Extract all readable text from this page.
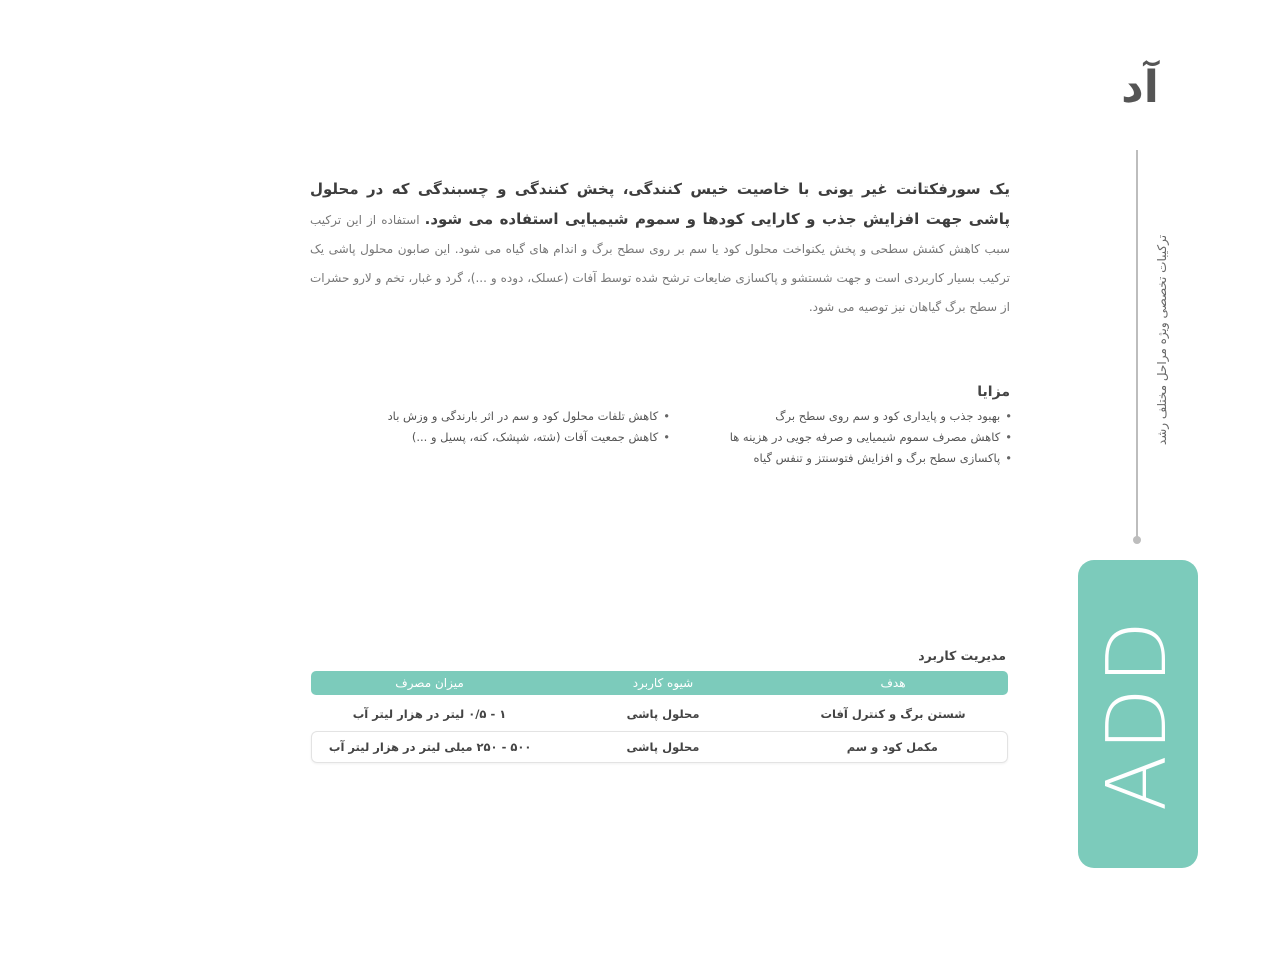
آد
ترکیبات تخصصی ویژه مراحل مختلف رشد
ADD
یک سورفکتانت غیر یونی با خاصیت خیس کنندگی، پخش کنندگی و چسبندگی که در محلول پاشی جهت افزایش جذب و کارایی کودها و سموم شیمیایی استفاده می شود. استفاده از این ترکیب سبب کاهش کشش سطحی و پخش یکنواخت محلول کود یا سم بر روی سطح برگ و اندام های گیاه می شود. این صابون محلول پاشی یک ترکیب بسیار کاربردی است و جهت شستشو و پاکسازی ضایعات ترشح شده توسط آفات (عسلک، دوده و ...)، گرد و غبار، تخم و لارو حشرات از سطح برگ گیاهان نیز توصیه می شود.
مزایا
• بهبود جذب و پایداری کود و سم روی سطح برگ
• کاهش مصرف سموم شیمیایی و صرفه جویی در هزینه ها
• پاکسازی سطح برگ و افزایش فتوسنتز و تنفس گیاه
• کاهش تلفات محلول کود و سم در اثر بارندگی و وزش باد
• کاهش جمعیت آفات (شته، شپشک، کنه، پسیل و ...)
مدیریت کاربرد
هدف
شیوه کاربرد
میزان مصرف
شستن برگ و کنترل آفات
محلول پاشی
۱ - ۰/۵ لیتر در هزار لیتر آب
مکمل کود و سم
محلول پاشی
۵۰۰ - ۲۵۰ میلی لیتر در هزار لیتر آب
